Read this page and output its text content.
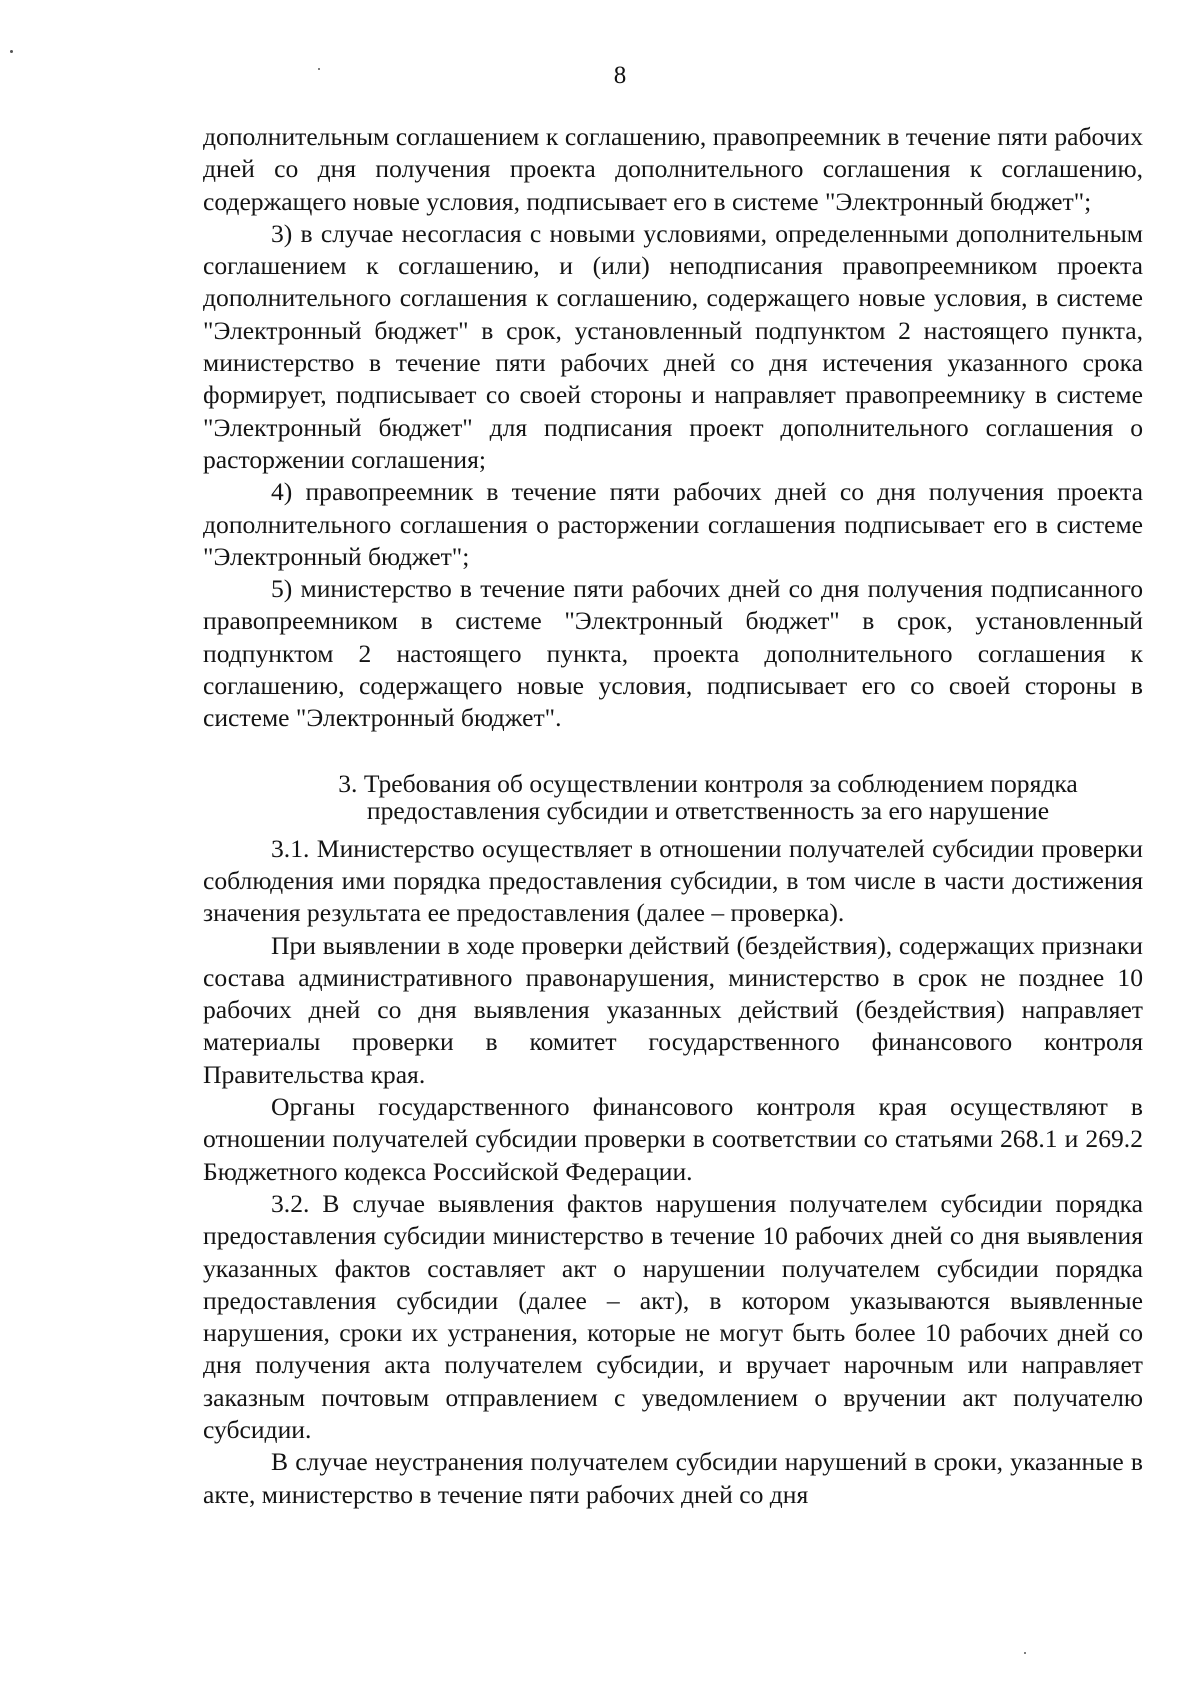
8

дополнительным соглашением к соглашению, правопреемник в течение пяти рабочих дней со дня получения проекта дополнительного соглашения к соглашению, содержащего новые условия, подписывает его в системе "Электронный бюджет";

3) в случае несогласия с новыми условиями, определенными дополнительным соглашением к соглашению, и (или) неподписания правопреемником проекта дополнительного соглашения к соглашению, содержащего новые условия, в системе "Электронный бюджет" в срок, установленный подпунктом 2 настоящего пункта, министерство в течение пяти рабочих дней со дня истечения указанного срока формирует, подписывает со своей стороны и направляет правопреемнику в системе "Электронный бюджет" для подписания проект дополнительного соглашения о расторжении соглашения;

4) правопреемник в течение пяти рабочих дней со дня получения проекта дополнительного соглашения о расторжении соглашения подписывает его в системе "Электронный бюджет";

5) министерство в течение пяти рабочих дней со дня получения подписанного правопреемником в системе "Электронный бюджет" в срок, установленный подпунктом 2 настоящего пункта, проекта дополнительного соглашения к соглашению, содержащего новые условия, подписывает его со своей стороны в системе "Электронный бюджет".

3. Требования об осуществлении контроля за соблюдением порядка
предоставления субсидии и ответственность за его нарушение

3.1. Министерство осуществляет в отношении получателей субсидии проверки соблюдения ими порядка предоставления субсидии, в том числе в части достижения значения результата ее предоставления (далее – проверка).

При выявлении в ходе проверки действий (бездействия), содержащих признаки состава административного правонарушения, министерство в срок не позднее 10 рабочих дней со дня выявления указанных действий (бездействия) направляет материалы проверки в комитет государственного финансового контроля Правительства края.

Органы государственного финансового контроля края осуществляют в отношении получателей субсидии проверки в соответствии со статьями 268.1 и 269.2 Бюджетного кодекса Российской Федерации.

3.2. В случае выявления фактов нарушения получателем субсидии порядка предоставления субсидии министерство в течение 10 рабочих дней со дня выявления указанных фактов составляет акт о нарушении получателем субсидии порядка предоставления субсидии (далее – акт), в котором указываются выявленные нарушения, сроки их устранения, которые не могут быть более 10 рабочих дней со дня получения акта получателем субсидии, и вручает нарочным или направляет заказным почтовым отправлением с уведомлением о вручении акт получателю субсидии.

В случае неустранения получателем субсидии нарушений в сроки, указанные в акте, министерство в течение пяти рабочих дней со дня
